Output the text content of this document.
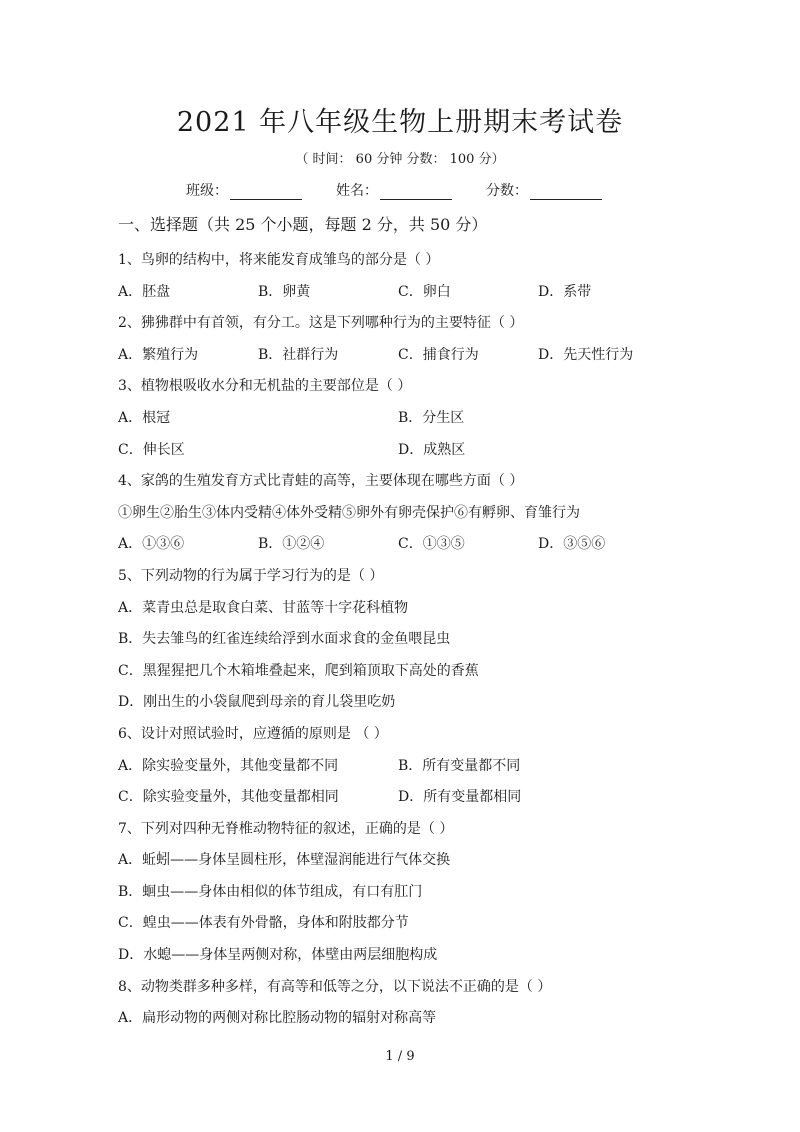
2021 年八年级生物上册期末考试卷
（ 时间： 60 分钟 分数： 100 分）
班级：	姓名：	分数：
一、选择题（共 25 个小题，每题 2 分，共 50 分）
1、鸟卵的结构中，将来能发育成雏鸟的部分是（ ）
A．胚盘	B．卵黄	C．卵白	D．系带
2、狒狒群中有首领，有分工。这是下列哪种行为的主要特征（ ）
A．繁殖行为	B．社群行为	C．捕食行为	D．先天性行为
3、植物根吸收水分和无机盐的主要部位是（ ）
A．根冠	B．分生区
C．伸长区	D．成熟区
4、家鸽的生殖发育方式比青蛙的高等，主要体现在哪些方面（ ）
①卵生②胎生③体内受精④体外受精⑤卵外有卵壳保护⑥有孵卵、育雏行为
A．①③⑥	B．①②④	C．①③⑤	D．③⑤⑥
5、下列动物的行为属于学习行为的是（ ）
A．菜青虫总是取食白菜、甘蓝等十字花科植物
B．失去雏鸟的红雀连续给浮到水面求食的金鱼喂昆虫
C．黑猩猩把几个木箱堆叠起来，爬到箱顶取下高处的香蕉
D．刚出生的小袋鼠爬到母亲的育儿袋里吃奶
6、设计对照试验时，应遵循的原则是 （ ）
A．除实验变量外，其他变量都不同	B．所有变量都不同
C．除实验变量外，其他变量都相同	D．所有变量都相同
7、下列对四种无脊椎动物特征的叙述，正确的是（ ）
A．蚯蚓——身体呈圆柱形，体壁湿润能进行气体交换
B．蛔虫——身体由相似的体节组成，有口有肛门
C．蝗虫——体表有外骨骼，身体和附肢都分节
D．水螅——身体呈两侧对称，体壁由两层细胞构成
8、动物类群多种多样，有高等和低等之分，以下说法不正确的是（ ）
A．扁形动物的两侧对称比腔肠动物的辐射对称高等
1 / 9
